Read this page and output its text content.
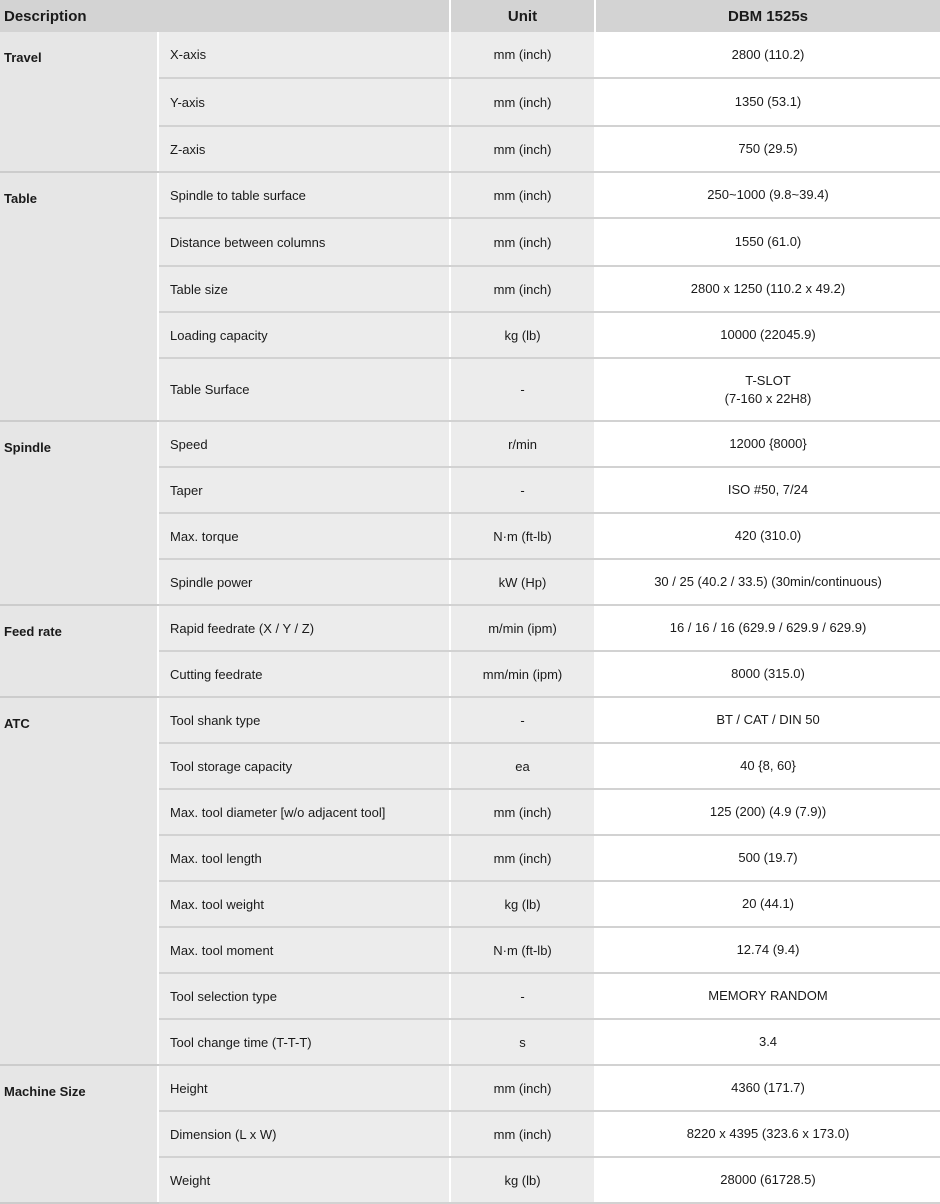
Description		Unit	DBM 1525s
Travel	X-axis	mm (inch)	2800 (110.2)

	Y-axis	mm (inch)	1350 (53.1)

	Z-axis	mm (inch)	750 (29.5)

Table	Spindle to table surface	mm (inch)	250~1000 (9.8~39.4)

	Distance between columns	mm (inch)	1550 (61.0)

	Table size	mm (inch)	2800 x 1250 (110.2 x 49.2)

	Loading capacity	kg (lb)	10000 (22045.9)

	Table Surface	-	T-SLOT
(7-160 x 22H8)

Spindle	Speed	r/min	12000 {8000}

	Taper	-	ISO #50, 7/24

	Max. torque	N·m (ft-lb)	420 (310.0)

	Spindle power	kW (Hp)	30 / 25 (40.2 / 33.5) (30min/continuous)

Feed rate	Rapid feedrate (X / Y / Z)	m/min (ipm)	16 / 16 / 16 (629.9 / 629.9 / 629.9)

	Cutting feedrate	mm/min (ipm)	8000 (315.0)

ATC	Tool shank type	-	BT / CAT / DIN 50

	Tool storage capacity	ea	40 {8, 60}

	Max. tool diameter [w/o adjacent tool]	mm (inch)	125 (200) (4.9 (7.9))

	Max. tool length	mm (inch)	500 (19.7)

	Max. tool weight	kg (lb)	20 (44.1)

	Max. tool moment	N·m (ft-lb)	12.74 (9.4)

	Tool selection type	-	MEMORY RANDOM

	Tool change time (T-T-T)	s	3.4

Machine Size	Height	mm (inch)	4360 (171.7)

	Dimension (L x W)	mm (inch)	8220 x 4395 (323.6 x 173.0)

	Weight	kg (lb)	28000 (61728.5)
